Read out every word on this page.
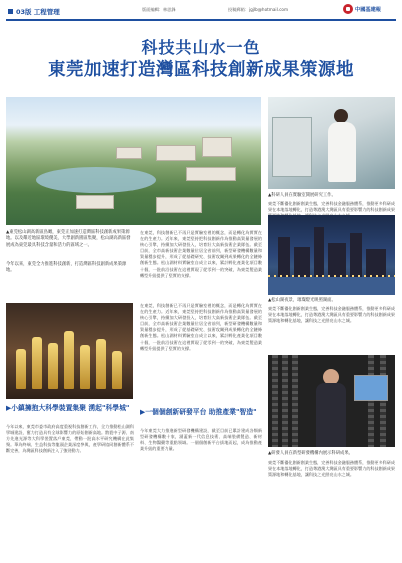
03版 工程管理	版面編輯：林思鋒	投稿郵箱：jgjlb@hotmail.com	中國基建報
科技共山水一色
東莞加速打造灣區科技創新成果策源地
▲東莞松山湖高新區鳥瞰，東莞正加速打造灣區科技創新成果策源地。以及鄰近地區環境優美，大學創新園區集聚，松山湖高新區發展成為東莞最具科技含量和活力的區域之一。
今年以來，東莞全力推進科技創新，打造灣區科技創新成果策源地。
在東莞，科技創新已不再只是實驗室裡的概念，而是轉化為實實在在的生產力。近年來，東莞堅持把科技創新作為推動高質量發展的核心引擎，持續加大研發投入，培育壯大高新技術企業隊伍。截至目前，全市高新技術企業數量位居全省前列，新型研發機構數量和質量穩步提升，形成了從基礎研究、技術攻關到成果轉化的全鏈條創新生態。松山湖材料實驗室自成立以來，累計孵化產業化項目數十個，一批前沿技術在這裡實現了從零到一的突破，為東莞製造業轉型升級提供了堅實的支撐。
▶小鎮擁抱大科學裝置集聚 湧起"科學城"
今年以來，東莞市委市政府高度重視科技創新工作，全力推動松山湖科學城建設，奮力打造具有全球影響力的原始創新高地。散裂中子源、南方先進光源等大科學裝置落戶東莞，帶動一批高水平研究機構在此集聚。華為終端、生益科技等龍頭企業深度參與，產學研協同創新體系不斷完善，為灣區科技創新注入了強勁動力。
在東莞，科技創新已不再只是實驗室裡的概念，而是轉化為實實在在的生產力。近年來，東莞堅持把科技創新作為推動高質量發展的核心引擎，持續加大研發投入，培育壯大高新技術企業隊伍。截至目前，全市高新技術企業數量位居全省前列，新型研發機構數量和質量穩步提升，形成了從基礎研究、技術攻關到成果轉化的全鏈條創新生態。松山湖材料實驗室自成立以來，累計孵化產業化項目數十個，一批前沿技術在這裡實現了從零到一的突破，為東莞製造業轉型升級提供了堅實的支撐。
▶一個個創新研發平台 助推產業"智造"
今年東莞大力推進新型研發機構建設，截至目前已累計建成各類新型研發機構數十家，涵蓋新一代信息技術、高端裝備製造、新材料、生物醫藥等重點領域。一個個創新平台拔地而起，成為推動產業升級的重要力量。
▲科研人員在實驗室開展研究工作。
東莞不斷優化創新創業生態，完善科技金融服務體系，推動更多科研成果在本地落地轉化，打造粵港澳大灣區具有重要影響力的科技創新成果
▲松山湖夜景，璀璨燈光映照湖面。
東莞不斷優化創新創業生態，完善科技金融服務體系，推動更多科研成果在本地落地轉化，打造粵港澳大灣區具有重要影響力的科技創新成果策源地和轉化基地，讓科技之光照亮山水之城。
▲研發人員在新型研發機構內展示科研成果。
東莞不斷優化創新創業生態，完善科技金融服務體系，推動更多科研成果在本地落地轉化，打造粵港澳大灣區具有重要影響力的科技創新成果策源地和轉化基地，讓科技之光照亮山水之城。
